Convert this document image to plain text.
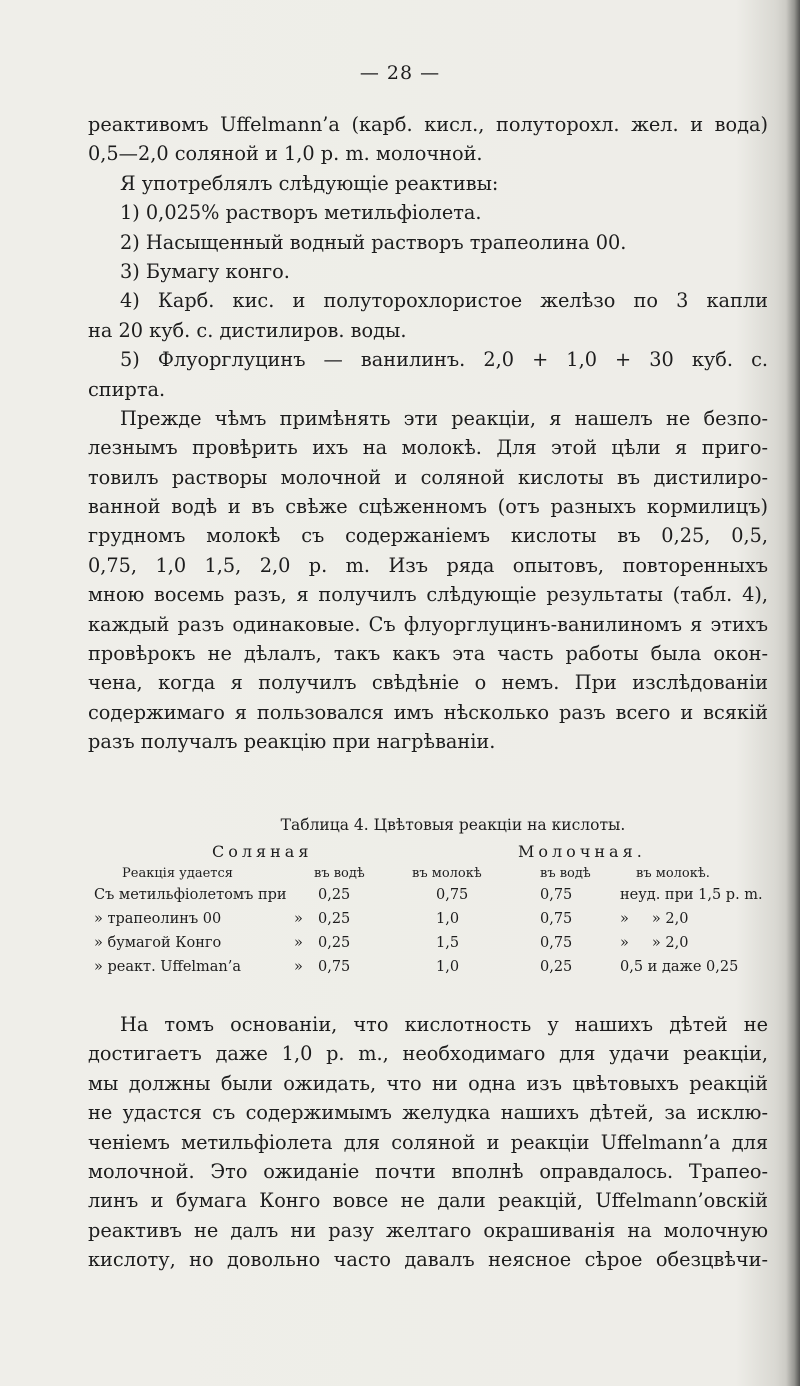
— 28 —
реактивомъ Uffelmann’а (карб. кисл., полуторохл. жел. и вода)
0,5—2,0 соляной и 1,0 р. m. молочной.
Я употреблялъ слѣдующіе реактивы:
1) 0,025% растворъ метильфіолета.
2) Насыщенный водный растворъ трапеолина 00.
3) Бумагу конго.
4) Карб. кис. и полуторохлористое желѣзо по 3 капли
на 20 куб. с. дистилиров. воды.
5) Флуорглуцинъ — ванилинъ. 2,0 + 1,0 + 30 куб. с.
спирта.
Прежде чѣмъ примѣнять эти реакціи, я нашелъ не безпо-
лезнымъ провѣрить ихъ на молокѣ. Для этой цѣли я приго-
товилъ растворы молочной и соляной кислоты въ дистилиро-
ванной водѣ и въ свѣже сцѣженномъ (отъ разныхъ кормилицъ)
грудномъ молокѣ съ содержаніемъ кислоты въ 0,25, 0,5,
0,75, 1,0 1,5, 2,0 р. m. Изъ ряда опытовъ, повторенныхъ
мною восемь разъ, я получилъ слѣдующіе результаты (табл. 4),
каждый разъ одинаковые. Съ флуорглуцинъ-ванилиномъ я этихъ
провѣрокъ не дѣлалъ, такъ какъ эта часть работы была окон-
чена, когда я получилъ свѣдѣніе о немъ. При изслѣдованіи
содержимаго я пользовался имъ нѣсколько разъ всего и всякій
разъ получалъ реакцію при нагрѣваніи.
Таблица 4. Цвѣтовыя реакціи на кислоты.
Соляная	Молочная.
Реакція удается	въ водѣ	въ молокѣ	въ водѣ	въ молокѣ.
Съ метильфіолетомъ при 0,25	0,75	0,75	неуд. при 1,5 р. m.
» трапеолинъ 00	» 0,25	1,0	0,75	»     » 2,0
» бумагой Конго	» 0,25	1,5	0,75	»     » 2,0
» реакт. Uffelman’а	» 0,75	1,0	0,25	0,5 и даже 0,25
На томъ основаніи, что кислотность у нашихъ дѣтей не
достигаетъ даже 1,0 р. m., необходимаго для удачи реакціи,
мы должны были ожидать, что ни одна изъ цвѣтовыхъ реакцій
не удастся съ содержимымъ желудка нашихъ дѣтей, за исклю-
ченіемъ метильфіолета для соляной и реакціи Uffelmann’а для
молочной. Это ожиданіе почти вполнѣ оправдалось. Трапео-
линъ и бумага Конго вовсе не дали реакцій, Uffelmann’овскій
реактивъ не далъ ни разу желтаго окрашиванія на молочную
кислоту, но довольно часто давалъ неясное сѣрое обезцвѣчи-
